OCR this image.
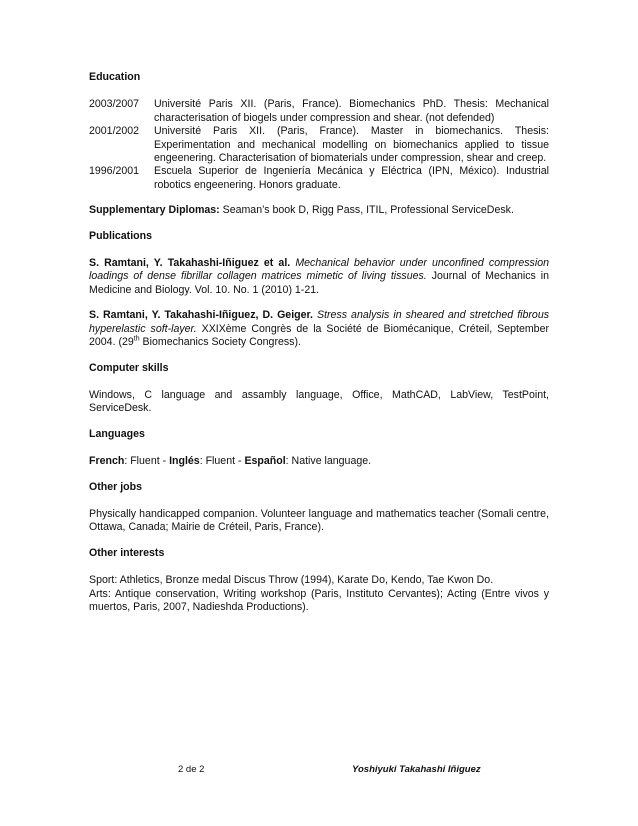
Education
2003/2007	Université Paris XII. (Paris, France). Biomechanics PhD. Thesis: Mechanical characterisation of biogels under compression and shear. (not defended)
2001/2002	Université Paris XII. (Paris, France). Master in biomechanics. Thesis: Experimentation and mechanical modelling on biomechanics applied to tissue engeenering. Characterisation of biomaterials under compression, shear and creep.
1996/2001	Escuela Superior de Ingeniería Mecánica y Eléctrica (IPN, México). Industrial robotics engeenering. Honors graduate.

Supplementary Diplomas: Seaman’s book D, Rigg Pass, ITIL, Professional ServiceDesk.

Publications

S. Ramtani, Y. Takahashi-Iñiguez et al. Mechanical behavior under unconfined compression loadings of dense fibrillar collagen matrices mimetic of living tissues. Journal of Mechanics in Medicine and Biology. Vol. 10. No. 1 (2010) 1-21.

S. Ramtani, Y. Takahashi-Iñiguez, D. Geiger. Stress analysis in sheared and stretched fibrous hyperelastic soft-layer. XXIXème Congrès de la Société de Biomécanique, Créteil, September 2004. (29th Biomechanics Society Congress).

Computer skills

Windows, C language and assambly language, Office, MathCAD, LabView, TestPoint, ServiceDesk.

Languages

French: Fluent - Inglés: Fluent - Español: Native language.

Other jobs

Physically handicapped companion. Volunteer language and mathematics teacher (Somali centre, Ottawa, Canada; Mairie de Créteil, Paris, France).

Other interests

Sport: Athletics, Bronze medal Discus Throw (1994), Karate Do, Kendo, Tae Kwon Do.

Arts: Antique conservation, Writing workshop (Paris, Instituto Cervantes); Acting (Entre vivos y muertos, Paris, 2007, Nadieshda Productions).

2 de 2	Yoshiyuki Takahashi Iñiguez
